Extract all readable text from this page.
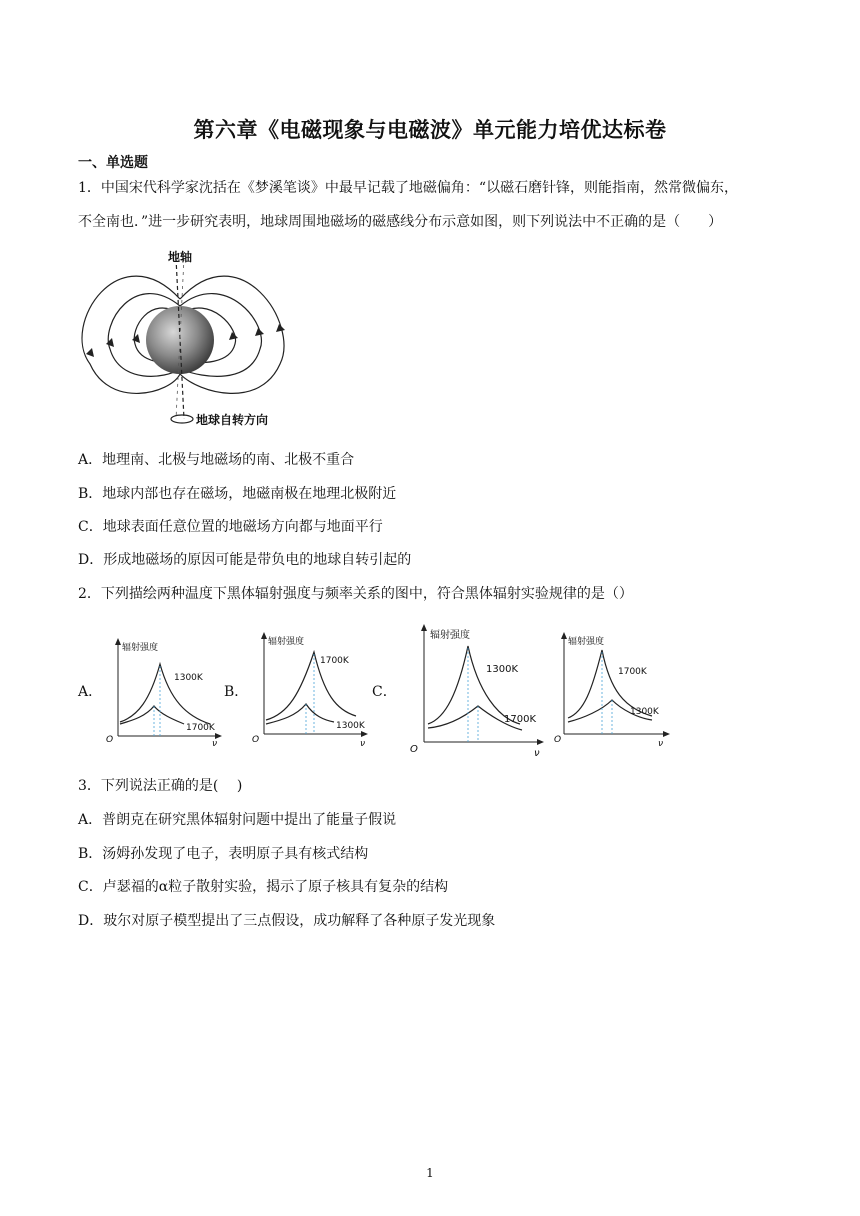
第六章《电磁现象与电磁波》单元能力培优达标卷
一、单选题
1．中国宋代科学家沈括在《梦溪笔谈》中最早记载了地磁偏角：“以磁石磨针锋，则能指南，然常微偏东，
不全南也．”进一步研究表明，地球周围地磁场的磁感线分布示意如图，则下列说法中不正确的是（　　）
地轴
地球自转方向
A．地理南、北极与地磁场的南、北极不重合
B．地球内部也存在磁场，地磁南极在地理北极附近
C．地球表面任意位置的地磁场方向都与地面平行
D．形成地磁场的原因可能是带负电的地球自转引起的
2．下列描绘两种温度下黑体辐射强度与频率关系的图中，符合黑体辐射实验规律的是（）
A．
辐射强度
1300K
1700K
O	ν
B．
辐射强度
1700K
1300K
O	ν
C．
辐射强度
1300K
1700K
O	ν
辐射强度
1700K
1300K
O	ν
3．下列说法正确的是(　 )
A．普朗克在研究黑体辐射问题中提出了能量子假说
B．汤姆孙发现了电子，表明原子具有核式结构
C．卢瑟福的α粒子散射实验，揭示了原子核具有复杂的结构
D．玻尔对原子模型提出了三点假设，成功解释了各种原子发光现象
1
